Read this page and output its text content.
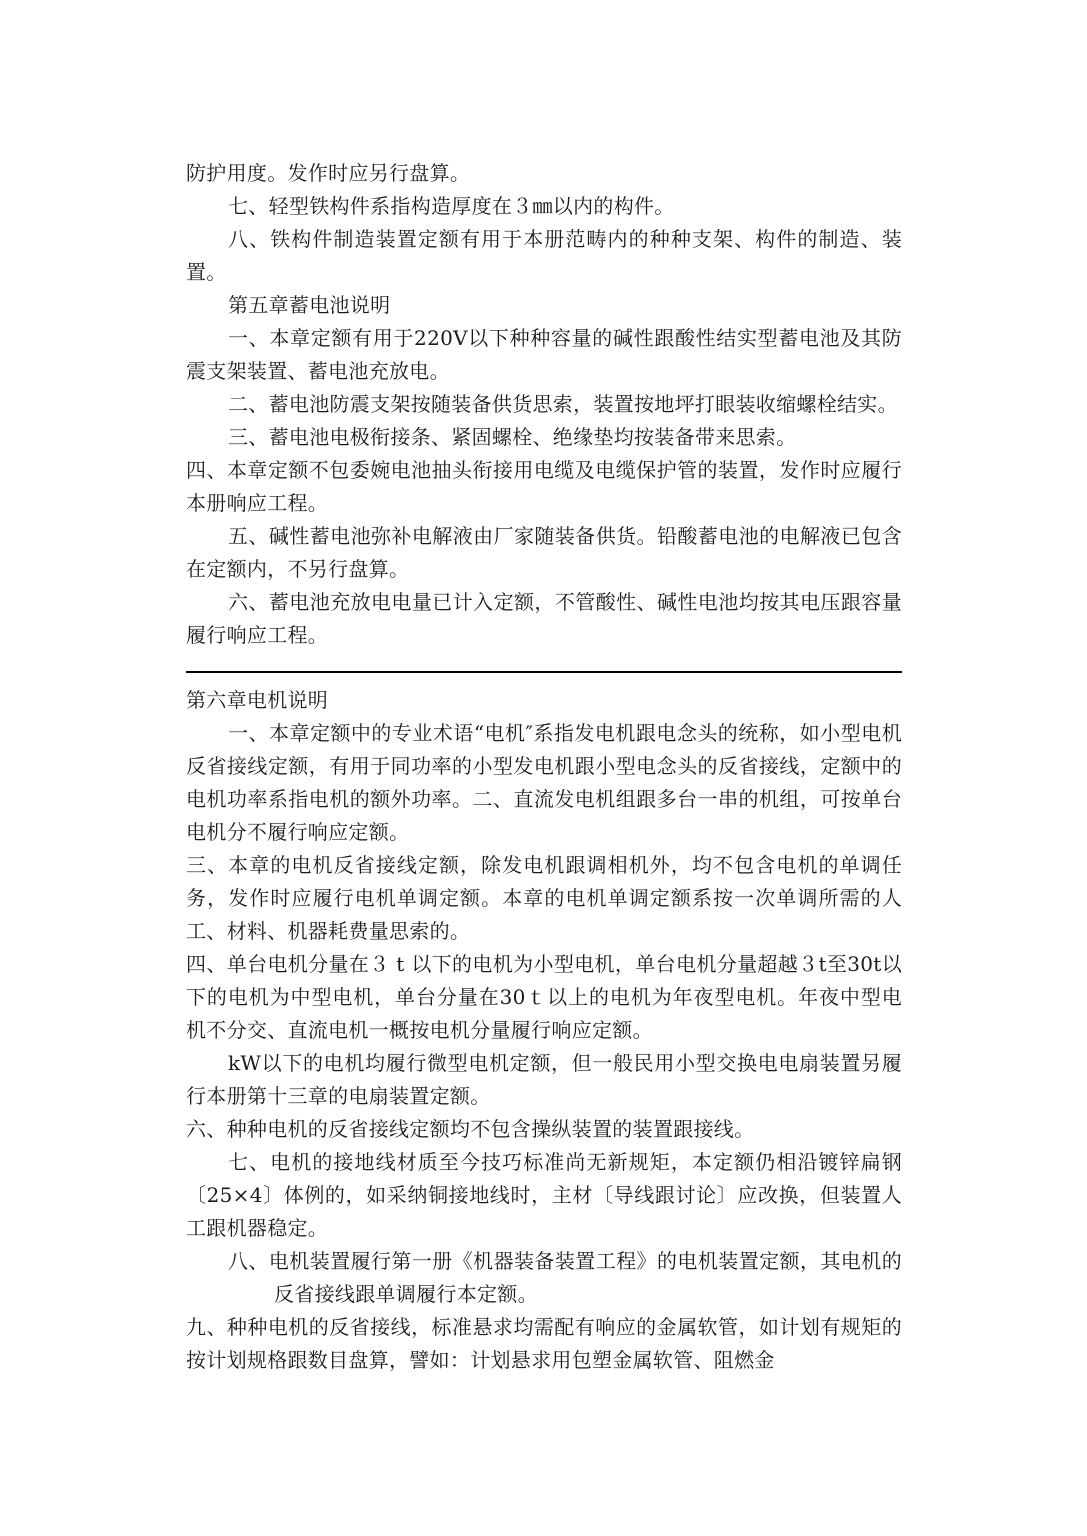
防护用度。发作时应另行盘算。

七、轻型铁构件系指构造厚度在３㎜以内的构件。

八、铁构件制造装置定额有用于本册范畴内的种种支架、构件的制造、装置。

第五章蓄电池说明

一、本章定额有用于220V以下种种容量的碱性跟酸性结实型蓄电池及其防震支架装置、蓄电池充放电。

二、蓄电池防震支架按随装备供货思索，装置按地坪打眼装收缩螺栓结实。

三、蓄电池电极衔接条、紧固螺栓、绝缘垫均按装备带来思索。

四、本章定额不包委婉电池抽头衔接用电缆及电缆保护管的装置，发作时应履行本册响应工程。

五、碱性蓄电池弥补电解液由厂家随装备供货。铅酸蓄电池的电解液已包含在定额内，不另行盘算。

六、蓄电池充放电电量已计入定额，不管酸性、碱性电池均按其电压跟容量履行响应工程。

第六章电机说明

一、本章定额中的专业术语“电机″系指发电机跟电念头的统称，如小型电机反省接线定额，有用于同功率的小型发电机跟小型电念头的反省接线，定额中的电机功率系指电机的额外功率。二、直流发电机组跟多台一串的机组，可按单台电机分不履行响应定额。

三、本章的电机反省接线定额，除发电机跟调相机外，均不包含电机的单调任务，发作时应履行电机单调定额。本章的电机单调定额系按一次单调所需的人工、材料、机器耗费量思索的。

四、单台电机分量在３ t 以下的电机为小型电机，单台电机分量超越３t至30t以下的电机为中型电机，单台分量在30ｔ以上的电机为年夜型电机。年夜中型电机不分交、直流电机一概按电机分量履行响应定额。

kW以下的电机均履行微型电机定额，但一般民用小型交换电电扇装置另履行本册第十三章的电扇装置定额。

六、种种电机的反省接线定额均不包含操纵装置的装置跟接线。

七、电机的接地线材质至今技巧标准尚无新规矩，本定额仍相沿镀锌扁钢〔25×4〕体例的，如采纳铜接地线时，主材〔导线跟讨论〕应改换，但装置人工跟机器稳定。

八、电机装置履行第一册《机器装备装置工程》的电机装置定额，其电机的反省接线跟单调履行本定额。

九、种种电机的反省接线，标准悬求均需配有响应的金属软管，如计划有规矩的按计划规格跟数目盘算，譬如：计划悬求用包塑金属软管、阻燃金
